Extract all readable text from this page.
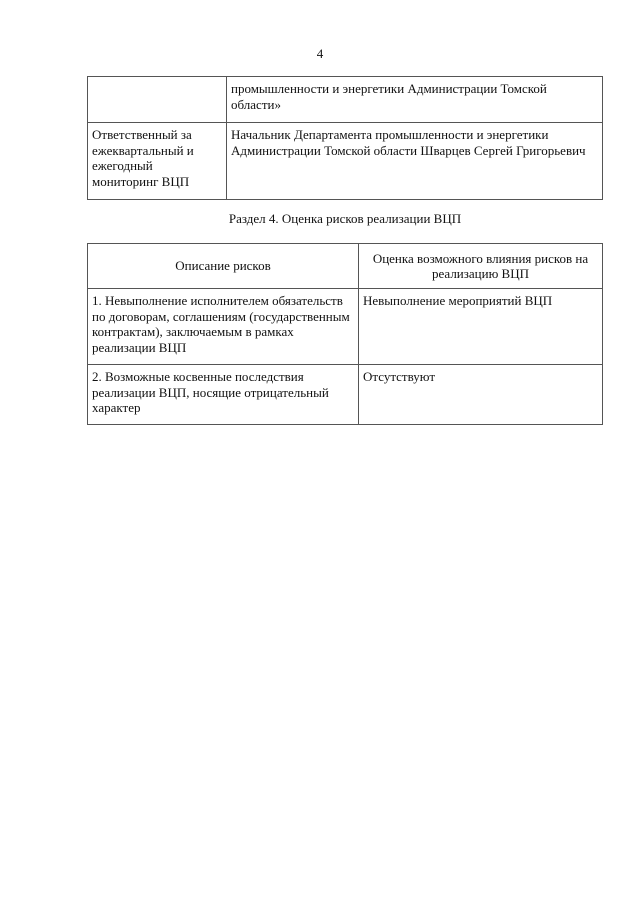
4
	промышленности и энергетики Администрации Томской области»
Ответственный за ежеквартальный и ежегодный мониторинг ВЦП	Начальник Департамента промышленности и энергетики Администрации Томской области Шварцев Сергей Григорьевич
Раздел 4. Оценка рисков реализации ВЦП
Описание рисков	Оценка возможного влияния рисков на реализацию ВЦП
1. Невыполнение исполнителем обязательств по договорам, соглашениям (государственным контрактам), заключаемым в рамках реализации ВЦП	Невыполнение мероприятий ВЦП
2. Возможные косвенные последствия реализации ВЦП, носящие отрицательный характер	Отсутствуют
